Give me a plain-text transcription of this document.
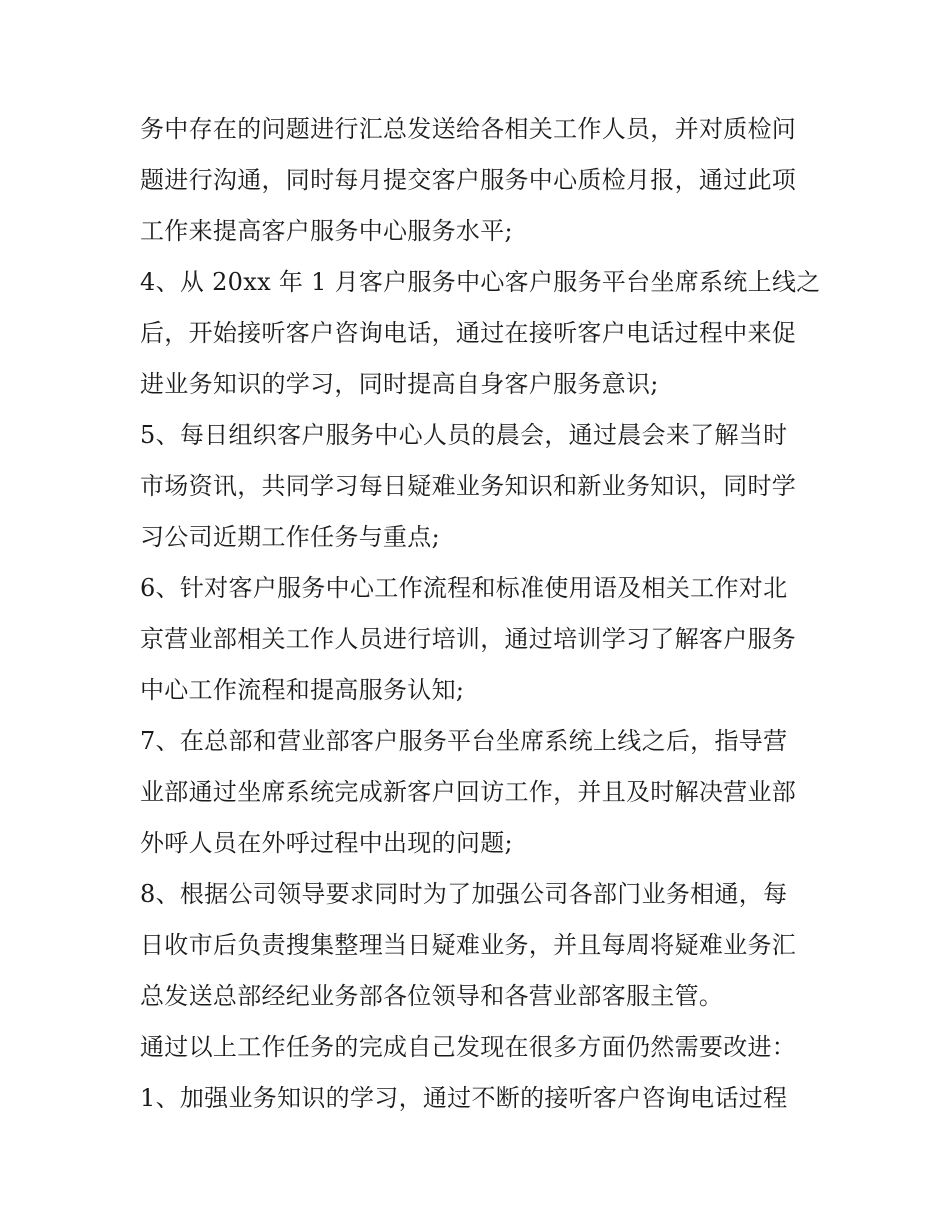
务中存在的问题进行汇总发送给各相关工作人员，并对质检问
题进行沟通，同时每月提交客户服务中心质检月报，通过此项
工作来提高客户服务中心服务水平;
4、从 20xx 年 1 月客户服务中心客户服务平台坐席系统上线之
后，开始接听客户咨询电话，通过在接听客户电话过程中来促
进业务知识的学习，同时提高自身客户服务意识;
5、每日组织客户服务中心人员的晨会，通过晨会来了解当时
市场资讯，共同学习每日疑难业务知识和新业务知识，同时学
习公司近期工作任务与重点;
6、针对客户服务中心工作流程和标准使用语及相关工作对北
京营业部相关工作人员进行培训，通过培训学习了解客户服务
中心工作流程和提高服务认知;
7、在总部和营业部客户服务平台坐席系统上线之后，指导营
业部通过坐席系统完成新客户回访工作，并且及时解决营业部
外呼人员在外呼过程中出现的问题;
8、根据公司领导要求同时为了加强公司各部门业务相通，每
日收市后负责搜集整理当日疑难业务，并且每周将疑难业务汇
总发送总部经纪业务部各位领导和各营业部客服主管。
通过以上工作任务的完成自己发现在很多方面仍然需要改进：
1、加强业务知识的学习，通过不断的接听客户咨询电话过程
